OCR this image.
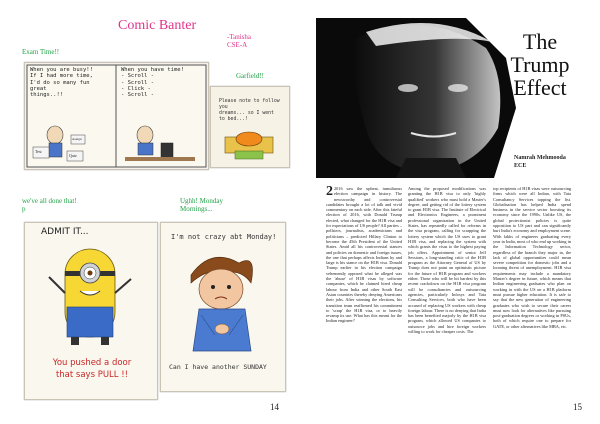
Comic Banter
-Tanisha
CSE-A
Exam Time!!
Garfield!!
we've all done that!
p
Ughh! Monday
Mornings...
When you are busy!!
If I had more time,
I'd do so many fun
great
things..!!
When you have time!
- Scroll -
- Scroll -
- Click -
- Scroll -
Test
Quiz
Assign
Please note to follow you
dreams... so I went
to bed...!
ADMIT IT...
You pushed a door
that says PULL !!
I'm not crazy abt Monday!
Can I have another SUNDAY
14
The
Trump
Effect
Namrah Mehmooda
ECE
2 2016 saw the upbeat, tumultuous election campaign in history. The newsworthy and controversial candidates brought a lot of talk and vivid commentary on each side. After this fateful election of 2016, with Donald Trump elected, what changed for the H1B visa and for expectations of US people? All parties – pollsters, journalists, academicians and politicians – predicted Hillary Clinton to become the 45th President of the United States. Amid all his controversial stances and policies on domestic and foreign issues, the one that perhaps affects Indians by and large is his stance on the H1B visa. Donald Trump earlier in his election campaign vehemently opposed what he alleged was the 'abuse' of H1B visas by software companies, which he claimed hired cheap labour from India and other South East Asian countries thereby denying Americans their jobs. After winning the elections, his transition team reaffirmed his commitment to 'scrap' the H1B visa, or to heavily revamp its use. What has this meant for the Indian engineer?
Among the proposed modifications was granting the H1B visa to only 'highly qualified' workers who must hold a Master's degree, and getting rid of the lottery system to grant H1B visa. The Institute of Electrical and Electronics Engineers, a prominent professional organization in the United States, has repeatedly called for reforms in the visa program, calling for scrapping the lottery system which the US uses to grant H1B visa, and replacing the system with which grants the visas to the highest paying job offers. Appointment of senior Jeff Sessions, a long-standing critic of the H1B program as the Attorney General of US by Trump does not paint an optimistic picture for the future of H1B program and workers either. Those who will be hit hardest by this recent crackdown on the H1B visa program will be consultancies and outsourcing agencies, particularly Infosys and Tata Consulting Services, both who have been accused of replacing US workers with cheap foreign labour. There is no denying that India has been benefited majorly by the H1B visa program, which allowed US companies to outsource jobs and hire foreign workers willing to work for cheaper costs. The
top recipients of H1B visas were outsourcing firms which were all Indian, with Tata Consultancy Services topping the list. Globalisation has helped India spend business in the service sector boosting its economy since the 1990s. Unlike US, the global protectionist policies is quite opposition to US part and can significantly hurt India's economy and employment scene. With lakhs of engineers graduating every year in India, most of who end up working in the Information Technology sector, regardless of the branch they major in, the lack of global opportunities could mean severe competition for domestic jobs and a looming threat of unemployment. H1B visa requirements may include a mandatory Master's degree in future, which means that Indian engineering graduates who plan on working in with the US on a H1B platform must pursue higher education. It is safe to say that the new generation of engineering graduates who wish to secure their career must now look for alternatives like pursuing post-graduation degrees or working in PSUs, both of which require one to prepare for GATE, or other alternatives like MBA, etc.
15
